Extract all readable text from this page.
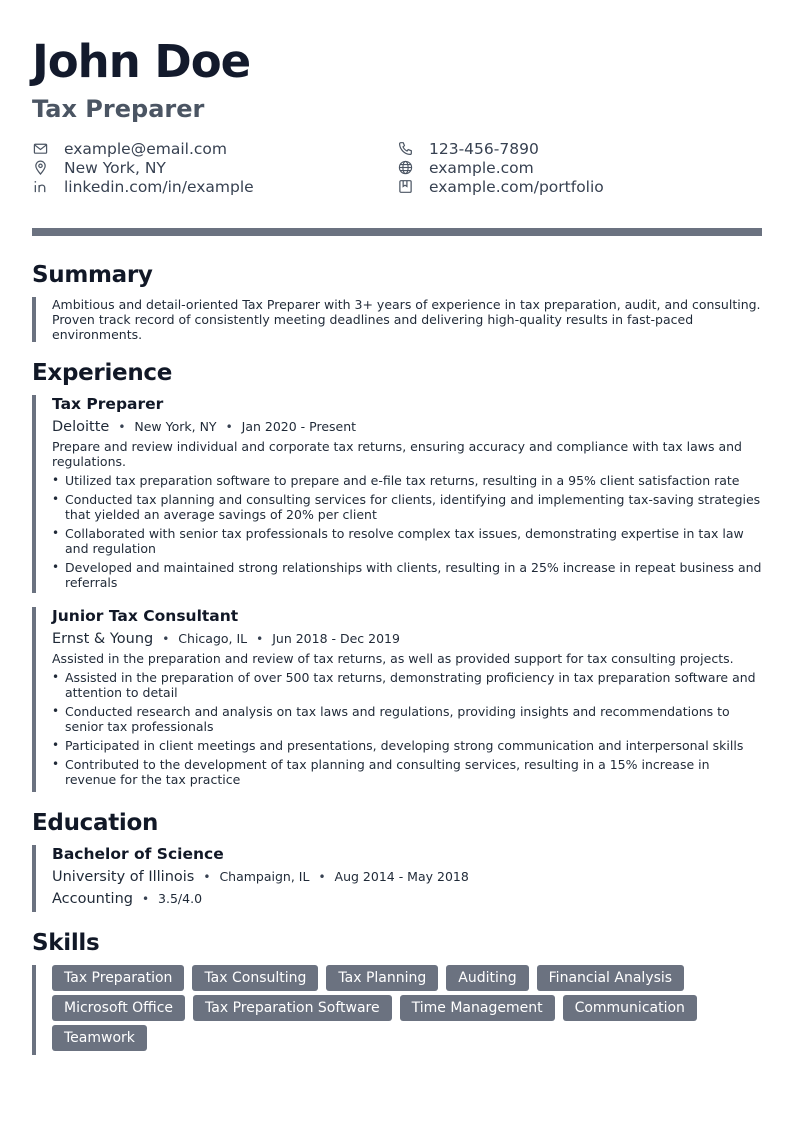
John Doe
Tax Preparer
example@email.com
New York, NY
linkedin.com/in/example
123-456-7890
example.com
example.com/portfolio
Summary

Ambitious and detail-oriented Tax Preparer with 3+ years of experience in tax preparation, audit, and consulting. Proven track record of consistently meeting deadlines and delivering high-quality results in fast-paced environments.

Experience

Tax Preparer

Deloitte • New York, NY • Jan 2020 - Present

Prepare and review individual and corporate tax returns, ensuring accuracy and compliance with tax laws and regulations.

• Utilized tax preparation software to prepare and e-file tax returns, resulting in a 95% client satisfaction rate
• Conducted tax planning and consulting services for clients, identifying and implementing tax-saving strategies that yielded an average savings of 20% per client
• Collaborated with senior tax professionals to resolve complex tax issues, demonstrating expertise in tax law and regulation
• Developed and maintained strong relationships with clients, resulting in a 25% increase in repeat business and referrals

Junior Tax Consultant

Ernst & Young • Chicago, IL • Jun 2018 - Dec 2019

Assisted in the preparation and review of tax returns, as well as provided support for tax consulting projects.

• Assisted in the preparation of over 500 tax returns, demonstrating proficiency in tax preparation software and attention to detail
• Conducted research and analysis on tax laws and regulations, providing insights and recommendations to senior tax professionals
• Participated in client meetings and presentations, developing strong communication and interpersonal skills
• Contributed to the development of tax planning and consulting services, resulting in a 15% increase in revenue for the tax practice
Education

Bachelor of Science

University of Illinois • Champaign, IL • Aug 2014 - May 2018
Accounting • 3.5/4.0
Skills
Tax Preparation	Tax Consulting	Tax Planning	Auditing	Financial Analysis
Microsoft Office	Tax Preparation Software	Time Management	Communication
Teamwork
